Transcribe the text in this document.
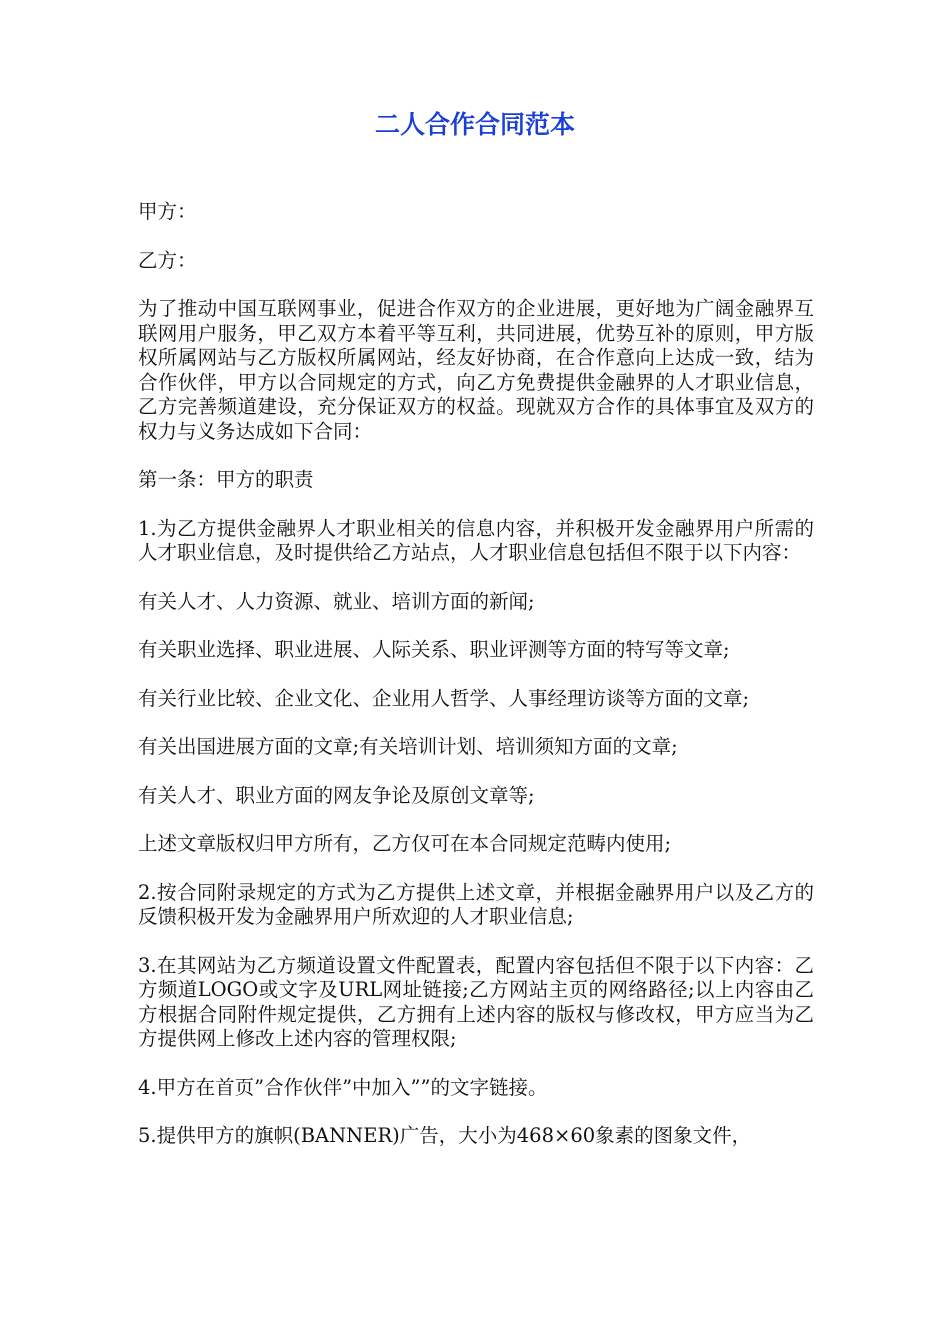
二人合作合同范本

甲方：

乙方：

为了推动中国互联网事业，促进合作双方的企业进展，更好地为广阔金融界互联网用户服务，甲乙双方本着平等互利，共同进展，优势互补的原则，甲方版权所属网站与乙方版权所属网站，经友好协商，在合作意向上达成一致，结为合作伙伴，甲方以合同规定的方式，向乙方免费提供金融界的人才职业信息，乙方完善频道建设，充分保证双方的权益。现就双方合作的具体事宜及双方的权力与义务达成如下合同：

第一条：甲方的职责

1.为乙方提供金融界人才职业相关的信息内容，并积极开发金融界用户所需的人才职业信息，及时提供给乙方站点，人才职业信息包括但不限于以下内容：

有关人才、人力资源、就业、培训方面的新闻;

有关职业选择、职业进展、人际关系、职业评测等方面的特写等文章;

有关行业比较、企业文化、企业用人哲学、人事经理访谈等方面的文章;

有关出国进展方面的文章;有关培训计划、培训须知方面的文章;

有关人才、职业方面的网友争论及原创文章等;

上述文章版权归甲方所有，乙方仅可在本合同规定范畴内使用;

2.按合同附录规定的方式为乙方提供上述文章，并根据金融界用户以及乙方的反馈积极开发为金融界用户所欢迎的人才职业信息;

3.在其网站为乙方频道设置文件配置表，配置内容包括但不限于以下内容：乙方频道LOGO或文字及URL网址链接;乙方网站主页的网络路径;以上内容由乙方根据合同附件规定提供，乙方拥有上述内容的版权与修改权，甲方应当为乙方提供网上修改上述内容的管理权限;

4.甲方在首页”合作伙伴”中加入””的文字链接。

5.提供甲方的旗帜(BANNER)广告，大小为468×60象素的图象文件，
